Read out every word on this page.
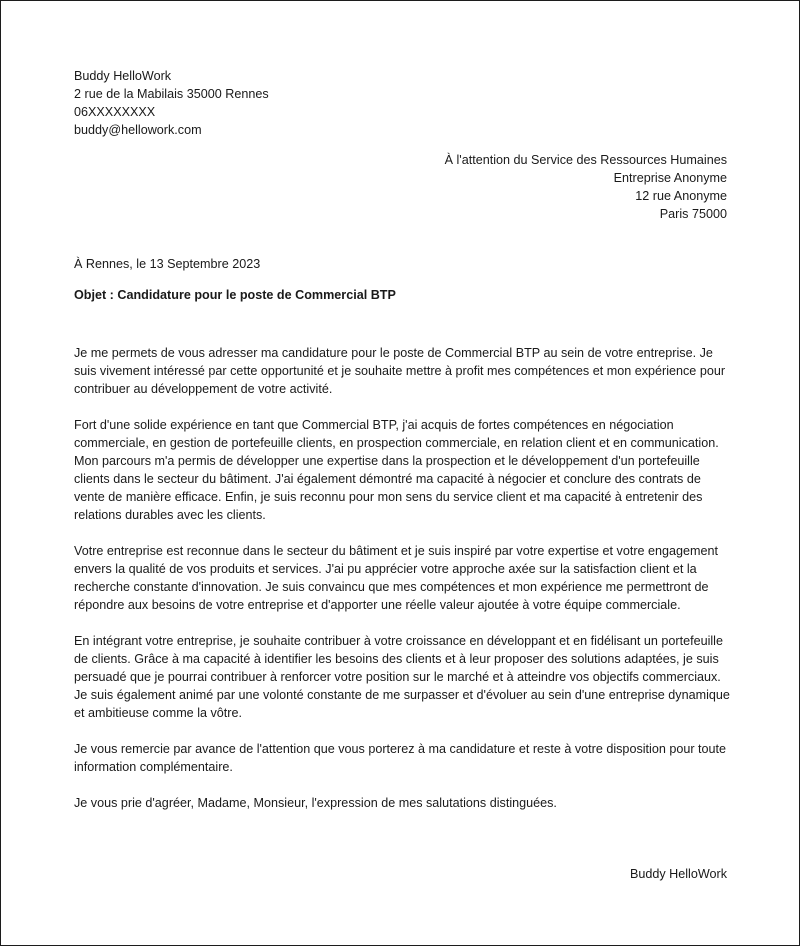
Buddy HelloWork
2 rue de la Mabilais 35000 Rennes
06XXXXXXXX
buddy@hellowork.com
À l'attention du Service des Ressources Humaines
Entreprise Anonyme
12 rue Anonyme
Paris 75000
À Rennes, le 13 Septembre 2023
Objet : Candidature pour le poste de Commercial BTP

Je me permets de vous adresser ma candidature pour le poste de Commercial BTP au sein de votre entreprise. Je suis vivement intéressé par cette opportunité et je souhaite mettre à profit mes compétences et mon expérience pour contribuer au développement de votre activité.

Fort d'une solide expérience en tant que Commercial BTP, j'ai acquis de fortes compétences en négociation commerciale, en gestion de portefeuille clients, en prospection commerciale, en relation client et en communication. Mon parcours m'a permis de développer une expertise dans la prospection et le développement d'un portefeuille clients dans le secteur du bâtiment. J'ai également démontré ma capacité à négocier et conclure des contrats de vente de manière efficace. Enfin, je suis reconnu pour mon sens du service client et ma capacité à entretenir des relations durables avec les clients.

Votre entreprise est reconnue dans le secteur du bâtiment et je suis inspiré par votre expertise et votre engagement envers la qualité de vos produits et services. J'ai pu apprécier votre approche axée sur la satisfaction client et la recherche constante d'innovation. Je suis convaincu que mes compétences et mon expérience me permettront de répondre aux besoins de votre entreprise et d'apporter une réelle valeur ajoutée à votre équipe commerciale.

En intégrant votre entreprise, je souhaite contribuer à votre croissance en développant et en fidélisant un portefeuille de clients. Grâce à ma capacité à identifier les besoins des clients et à leur proposer des solutions adaptées, je suis persuadé que je pourrai contribuer à renforcer votre position sur le marché et à atteindre vos objectifs commerciaux. Je suis également animé par une volonté constante de me surpasser et d'évoluer au sein d'une entreprise dynamique et ambitieuse comme la vôtre.

Je vous remercie par avance de l'attention que vous porterez à ma candidature et reste à votre disposition pour toute information complémentaire.

Je vous prie d'agréer, Madame, Monsieur, l'expression de mes salutations distinguées.

Buddy HelloWork
